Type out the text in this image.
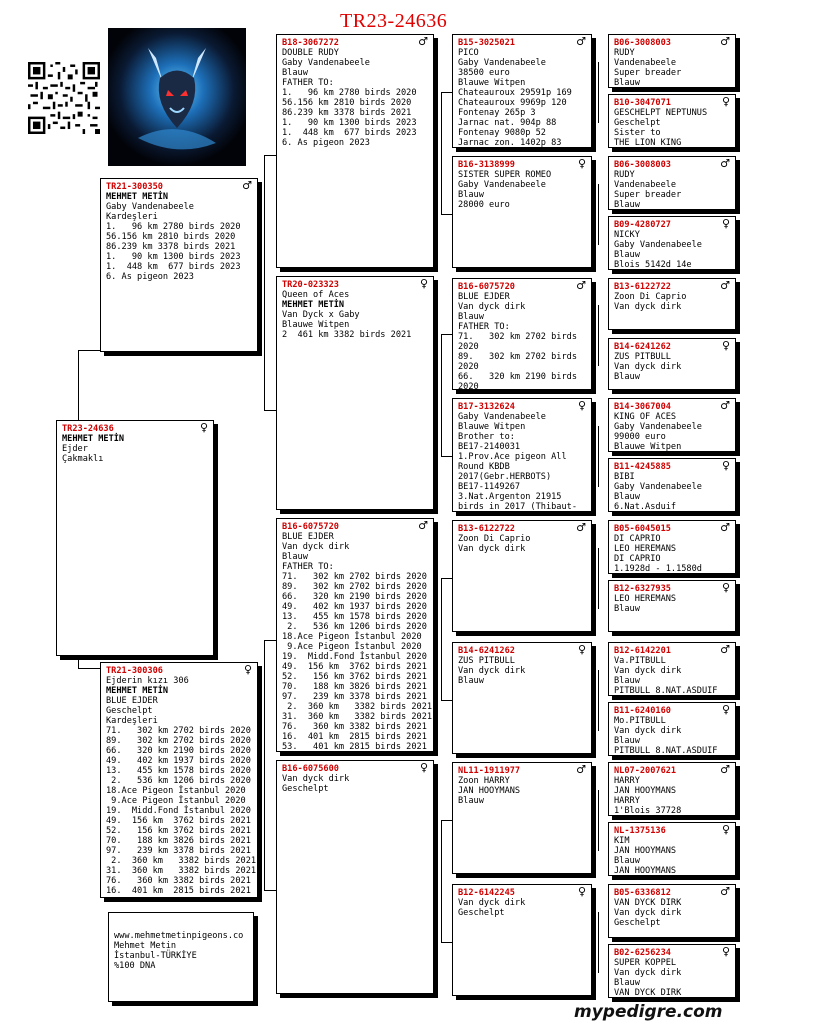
TR23-24636
TR23-24636	♀
MEHMET METİN
Ejder
Çakmaklı
TR21-300350	♂
MEHMET METİN
Gaby Vandenabeele
Kardeşleri
1.   96 km 2780 birds 2020
56.156 km 2810 birds 2020
86.239 km 3378 birds 2021
1.   90 km 1300 birds 2023
1.  448 km  677 birds 2023
6. As pigeon 2023
TR21-300306	♀
Ejderin kızı 306
MEHMET METİN
BLUE EJDER
Geschelpt
Kardeşleri
71.   302 km 2702 birds 2020
89.   302 km 2702 birds 2020
66.   320 km 2190 birds 2020
49.   402 km 1937 birds 2020
13.   455 km 1578 birds 2020
2.   536 km 1206 birds 2020
18.Ace Pigeon İstanbul 2020
9.Ace Pigeon İstanbul 2020
19.  Midd.Fond İstanbul 2020
49.  156 km  3762 birds 2021
52.   156 km 3762 birds 2021
70.   188 km 3826 birds 2021
97.   239 km 3378 birds 2021
2.  360 km   3382 birds 2021
31.  360 km   3382 birds 2021
76.   360 km 3382 birds 2021
16.  401 km  2815 birds 2021
B18-3067272	♂
DOUBLE RUDY
Gaby Vandenabeele
Blauw
FATHER TO:
1.   96 km 2780 birds 2020
56.156 km 2810 birds 2020
86.239 km 3378 birds 2021
1.   90 km 1300 birds 2023
1.  448 km  677 birds 2023
6. As pigeon 2023
TR20-023323	♀
Queen of Aces
MEHMET METİN
Van Dyck x Gaby
Blauwe Witpen
2  461 km 3382 birds 2021
B16-6075720	♂
BLUE EJDER
Van dyck dirk
Blauw
FATHER TO:
71.   302 km 2702 birds 2020
89.   302 km 2702 birds 2020
66.   320 km 2190 birds 2020
49.   402 km 1937 birds 2020
13.   455 km 1578 birds 2020
2.   536 km 1206 birds 2020
18.Ace Pigeon İstanbul 2020
9.Ace Pigeon İstanbul 2020
19.  Midd.Fond İstanbul 2020
49.  156 km  3762 birds 2021
52.   156 km 3762 birds 2021
70.   188 km 3826 birds 2021
97.   239 km 3378 birds 2021
2.  360 km   3382 birds 2021
31.  360 km   3382 birds 2021
76.   360 km 3382 birds 2021
16.  401 km  2815 birds 2021
53.   401 km 2815 birds 2021
B16-6075600	♀
Van dyck dirk
Geschelpt
B15-3025021	♂
PICO
Gaby Vandenabeele
38500 euro
Blauwe Witpen
Chateauroux 29591p 169
Chateauroux 9969p 120
Fontenay 265p 3
Jarnac nat. 904p 88
Fontenay 9080p 52
Jarnac zon. 1402p 83
B16-3138999	♀
SISTER SUPER ROMEO
Gaby Vandenabeele
Blauw
28000 euro
B16-6075720	♂
BLUE EJDER
Van dyck dirk
Blauw
FATHER TO:
71.   302 km 2702 birds
2020
89.   302 km 2702 birds
2020
66.   320 km 2190 birds
2020
B17-3132624	♀
Gaby Vandenabeele
Blauwe Witpen
Brother to:
BE17-2140031
1.Prov.Ace pigeon All
Round KBDB
2017(Gebr.HERBOTS)
BE17-1149267
3.Nat.Argenton 21915
birds in 2017 (Thibaut-
B13-6122722	♂
Zoon Di Caprio
Van dyck dirk
B14-6241262	♀
ZUS PITBULL
Van dyck dirk
Blauw
NL11-1911977	♂
Zoon HARRY
JAN HOOYMANS
Blauw
B12-6142245	♀
Van dyck dirk
Geschelpt
B06-3008003	♂
RUDY
Vandenabeele
Super breader
Blauw
B10-3047071	♀
GESCHELPT NEPTUNUS
Geschelpt
Sister to
THE LION KING
B06-3008003	♂
RUDY
Vandenabeele
Super breader
Blauw
B09-4280727	♀
NICKY
Gaby Vandenabeele
Blauw
Blois 5142d 14e
B13-6122722	♂
Zoon Di Caprio
Van dyck dirk
B14-6241262	♀
ZUS PITBULL
Van dyck dirk
Blauw
B14-3067004	♂
KING OF ACES
Gaby Vandenabeele
99000 euro
Blauwe Witpen
B11-4245885	♀
BIBI
Gaby Vandenabeele
Blauw
6.Nat.Asduif
B05-6045015	♂
DI CAPRIO
LEO HEREMANS
DI CAPRIO
1.1928d - 1.1580d
B12-6327935	♀
LEO HEREMANS
Blauw
B12-6142201	♂
Va.PITBULL
Van dyck dirk
Blauw
PITBULL 8.NAT.ASDUIF
B11-6240160	♀
Mo.PITBULL
Van dyck dirk
Blauw
PITBULL 8.NAT.ASDUIF
NL07-2007621	♂
HARRY
JAN HOOYMANS
HARRY
1'Blois 37728
NL-1375136	♀
KIM
JAN HOOYMANS
Blauw
JAN HOOYMANS
B05-6336812	♂
VAN DYCK DIRK
Van dyck dirk
Geschelpt
B02-6256234	♀
SUPER KOPPEL
Van dyck dirk
Blauw
VAN DYCK DIRK
www.mehmetmetinpigeons.co
Mehmet Metin
İstanbul-TÜRKİYE
%100 DNA
mypedigre.com
